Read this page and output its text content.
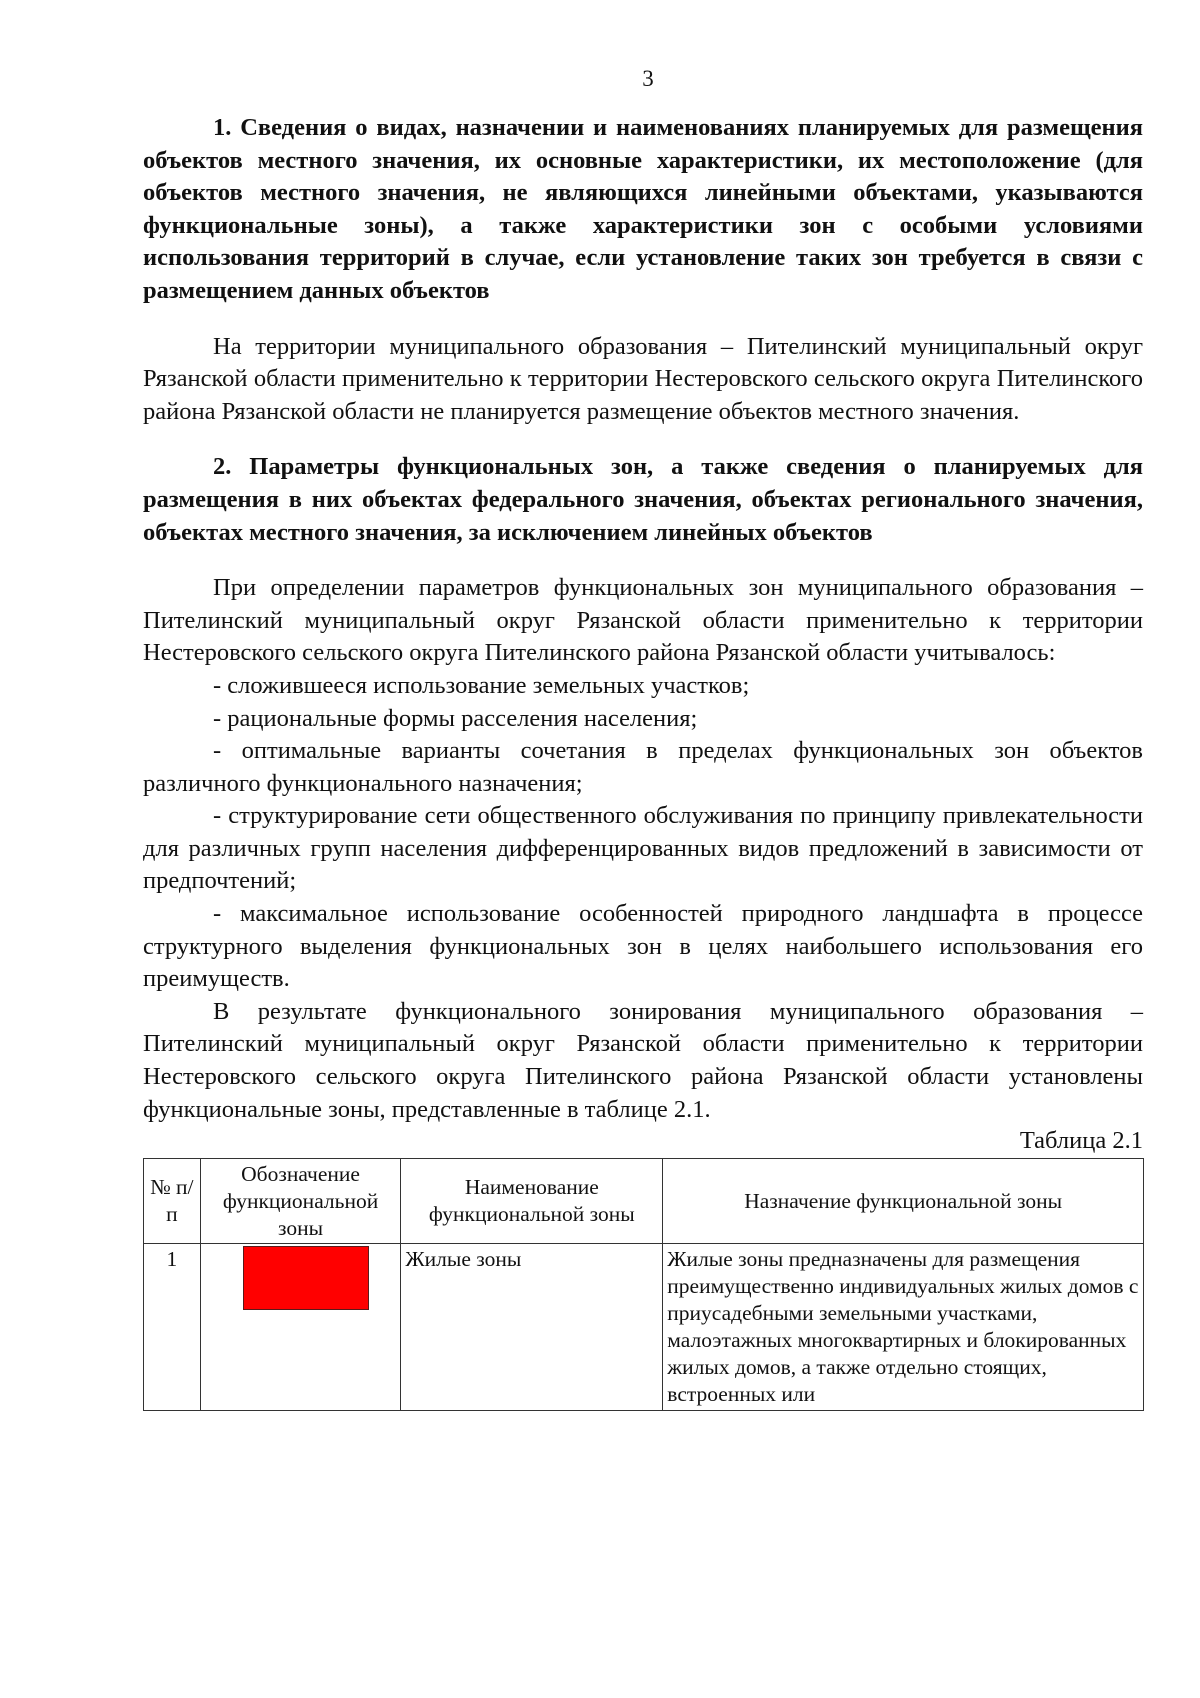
3

1. Сведения о видах, назначении и наименованиях планируемых для размещения объектов местного значения, их основные характеристики, их местоположение (для объектов местного значения, не являющихся линейными объектами, указываются функциональные зоны), а также характеристики зон с особыми условиями использования территорий в случае, если установление таких зон требуется в связи с размещением данных объектов

На территории муниципального образования – Пителинский муниципальный округ Рязанской области применительно к территории Нестеровского сельского округа Пителинского района Рязанской области не планируется размещение объектов местного значения.

2. Параметры функциональных зон, а также сведения о планируемых для размещения в них объектах федерального значения, объектах регионального значения, объектах местного значения, за исключением линейных объектов

При определении параметров функциональных зон муниципального образования – Пителинский муниципальный округ Рязанской области применительно к территории Нестеровского сельского округа Пителинского района Рязанской области учитывалось:

- сложившееся использование земельных участков;

- рациональные формы расселения населения;

- оптимальные варианты сочетания в пределах функциональных зон объектов различного функционального назначения;

- структурирование сети общественного обслуживания по принципу привлекательности для различных групп населения дифференцированных видов предложений в зависимости от предпочтений;

- максимальное использование особенностей природного ландшафта в процессе структурного выделения функциональных зон в целях наибольшего использования его преимуществ.

В результате функционального зонирования муниципального образования – Пителинский муниципальный округ Рязанской области применительно к территории Нестеровского сельского округа Пителинского района Рязанской области установлены функциональные зоны, представленные в таблице 2.1.

Таблица 2.1

№ п/п	Обозначение функциональной зоны	Наименование функциональной зоны	Назначение функциональной зоны
1		Жилые зоны	Жилые зоны предназначены для размещения преимущественно индивидуальных жилых домов с приусадебными земельными участками, малоэтажных многоквартирных и блокированных жилых домов, а также отдельно стоящих, встроенных или
